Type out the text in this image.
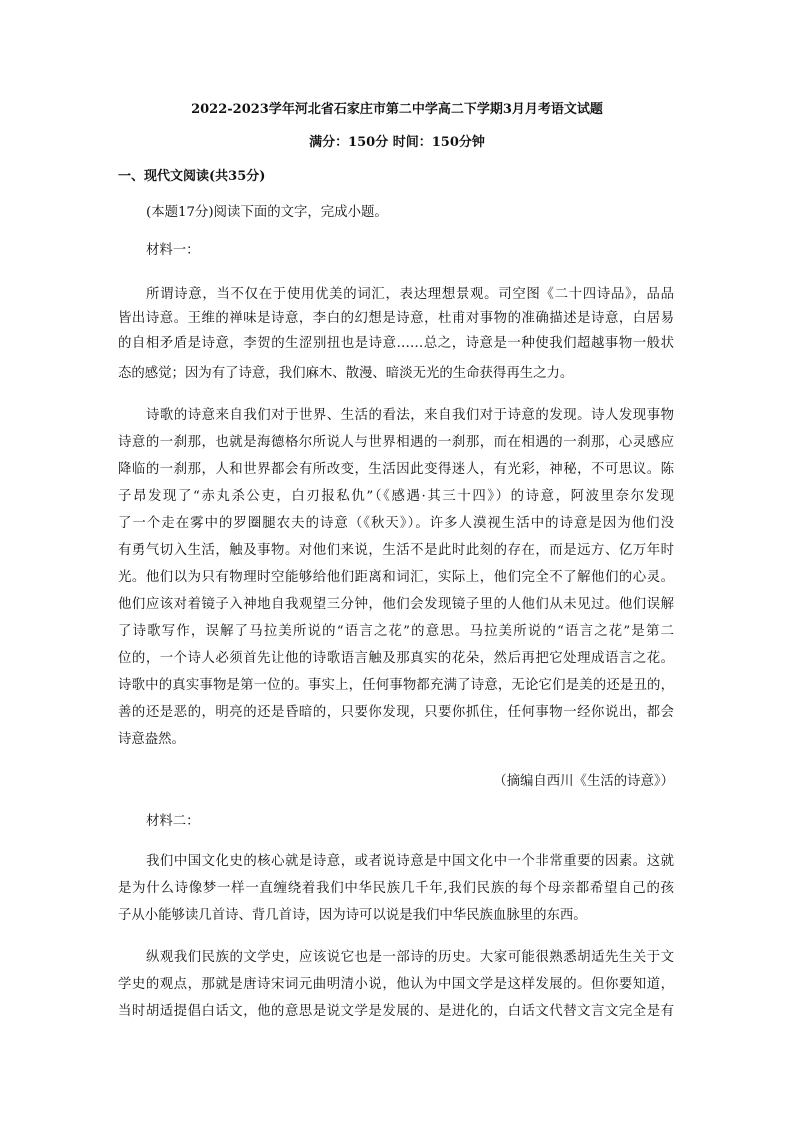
2022-2023学年河北省石家庄市第二中学高二下学期3月月考语文试题
满分：150分 时间：150分钟
一、现代文阅读(共35分)
(本题17分)阅读下面的文字，完成小题。
材料一：
所谓诗意，当不仅在于使用优美的词汇，表达理想景观。司空图《二十四诗品》，品品
皆出诗意。王维的禅味是诗意，李白的幻想是诗意，杜甫对事物的准确描述是诗意，白居易
的自相矛盾是诗意，李贺的生涩别扭也是诗意……总之，诗意是一种使我们超越事物一般状
态的感觉；因为有了诗意，我们麻木、散漫、暗淡无光的生命获得再生之力。
诗歌的诗意来自我们对于世界、生活的看法，来自我们对于诗意的发现。诗人发现事物
诗意的一刹那，也就是海德格尔所说人与世界相遇的一刹那，而在相遇的一刹那，心灵感应
降临的一刹那，人和世界都会有所改变，生活因此变得迷人，有光彩，神秘，不可思议。陈
子昂发现了“赤丸杀公吏，白刃报私仇”（《感遇·其三十四》）的诗意，阿波里奈尔发现
了一个走在雾中的罗圈腿农夫的诗意（《秋天》）。许多人漠视生活中的诗意是因为他们没
有勇气切入生活，触及事物。对他们来说，生活不是此时此刻的存在，而是远方、亿万年时
光。他们以为只有物理时空能够给他们距离和词汇，实际上，他们完全不了解他们的心灵。
他们应该对着镜子入神地自我观望三分钟，他们会发现镜子里的人他们从未见过。他们误解
了诗歌写作，误解了马拉美所说的“语言之花”的意思。马拉美所说的“语言之花”是第二
位的，一个诗人必须首先让他的诗歌语言触及那真实的花朵，然后再把它处理成语言之花。
诗歌中的真实事物是第一位的。事实上，任何事物都充满了诗意，无论它们是美的还是丑的，
善的还是恶的，明亮的还是昏暗的，只要你发现，只要你抓住，任何事物一经你说出，都会
诗意盎然。
（摘编自西川《生活的诗意》）
材料二：
我们中国文化史的核心就是诗意，或者说诗意是中国文化中一个非常重要的因素。这就
是为什么诗像梦一样一直缠绕着我们中华民族几千年,我们民族的每个母亲都希望自己的孩
子从小能够读几首诗、背几首诗，因为诗可以说是我们中华民族血脉里的东西。
纵观我们民族的文学史，应该说它也是一部诗的历史。大家可能很熟悉胡适先生关于文
学史的观点，那就是唐诗宋词元曲明清小说，他认为中国文学是这样发展的。但你要知道，
当时胡适提倡白话文，他的意思是说文学是发展的、是进化的，白话文代替文言文完全是有
